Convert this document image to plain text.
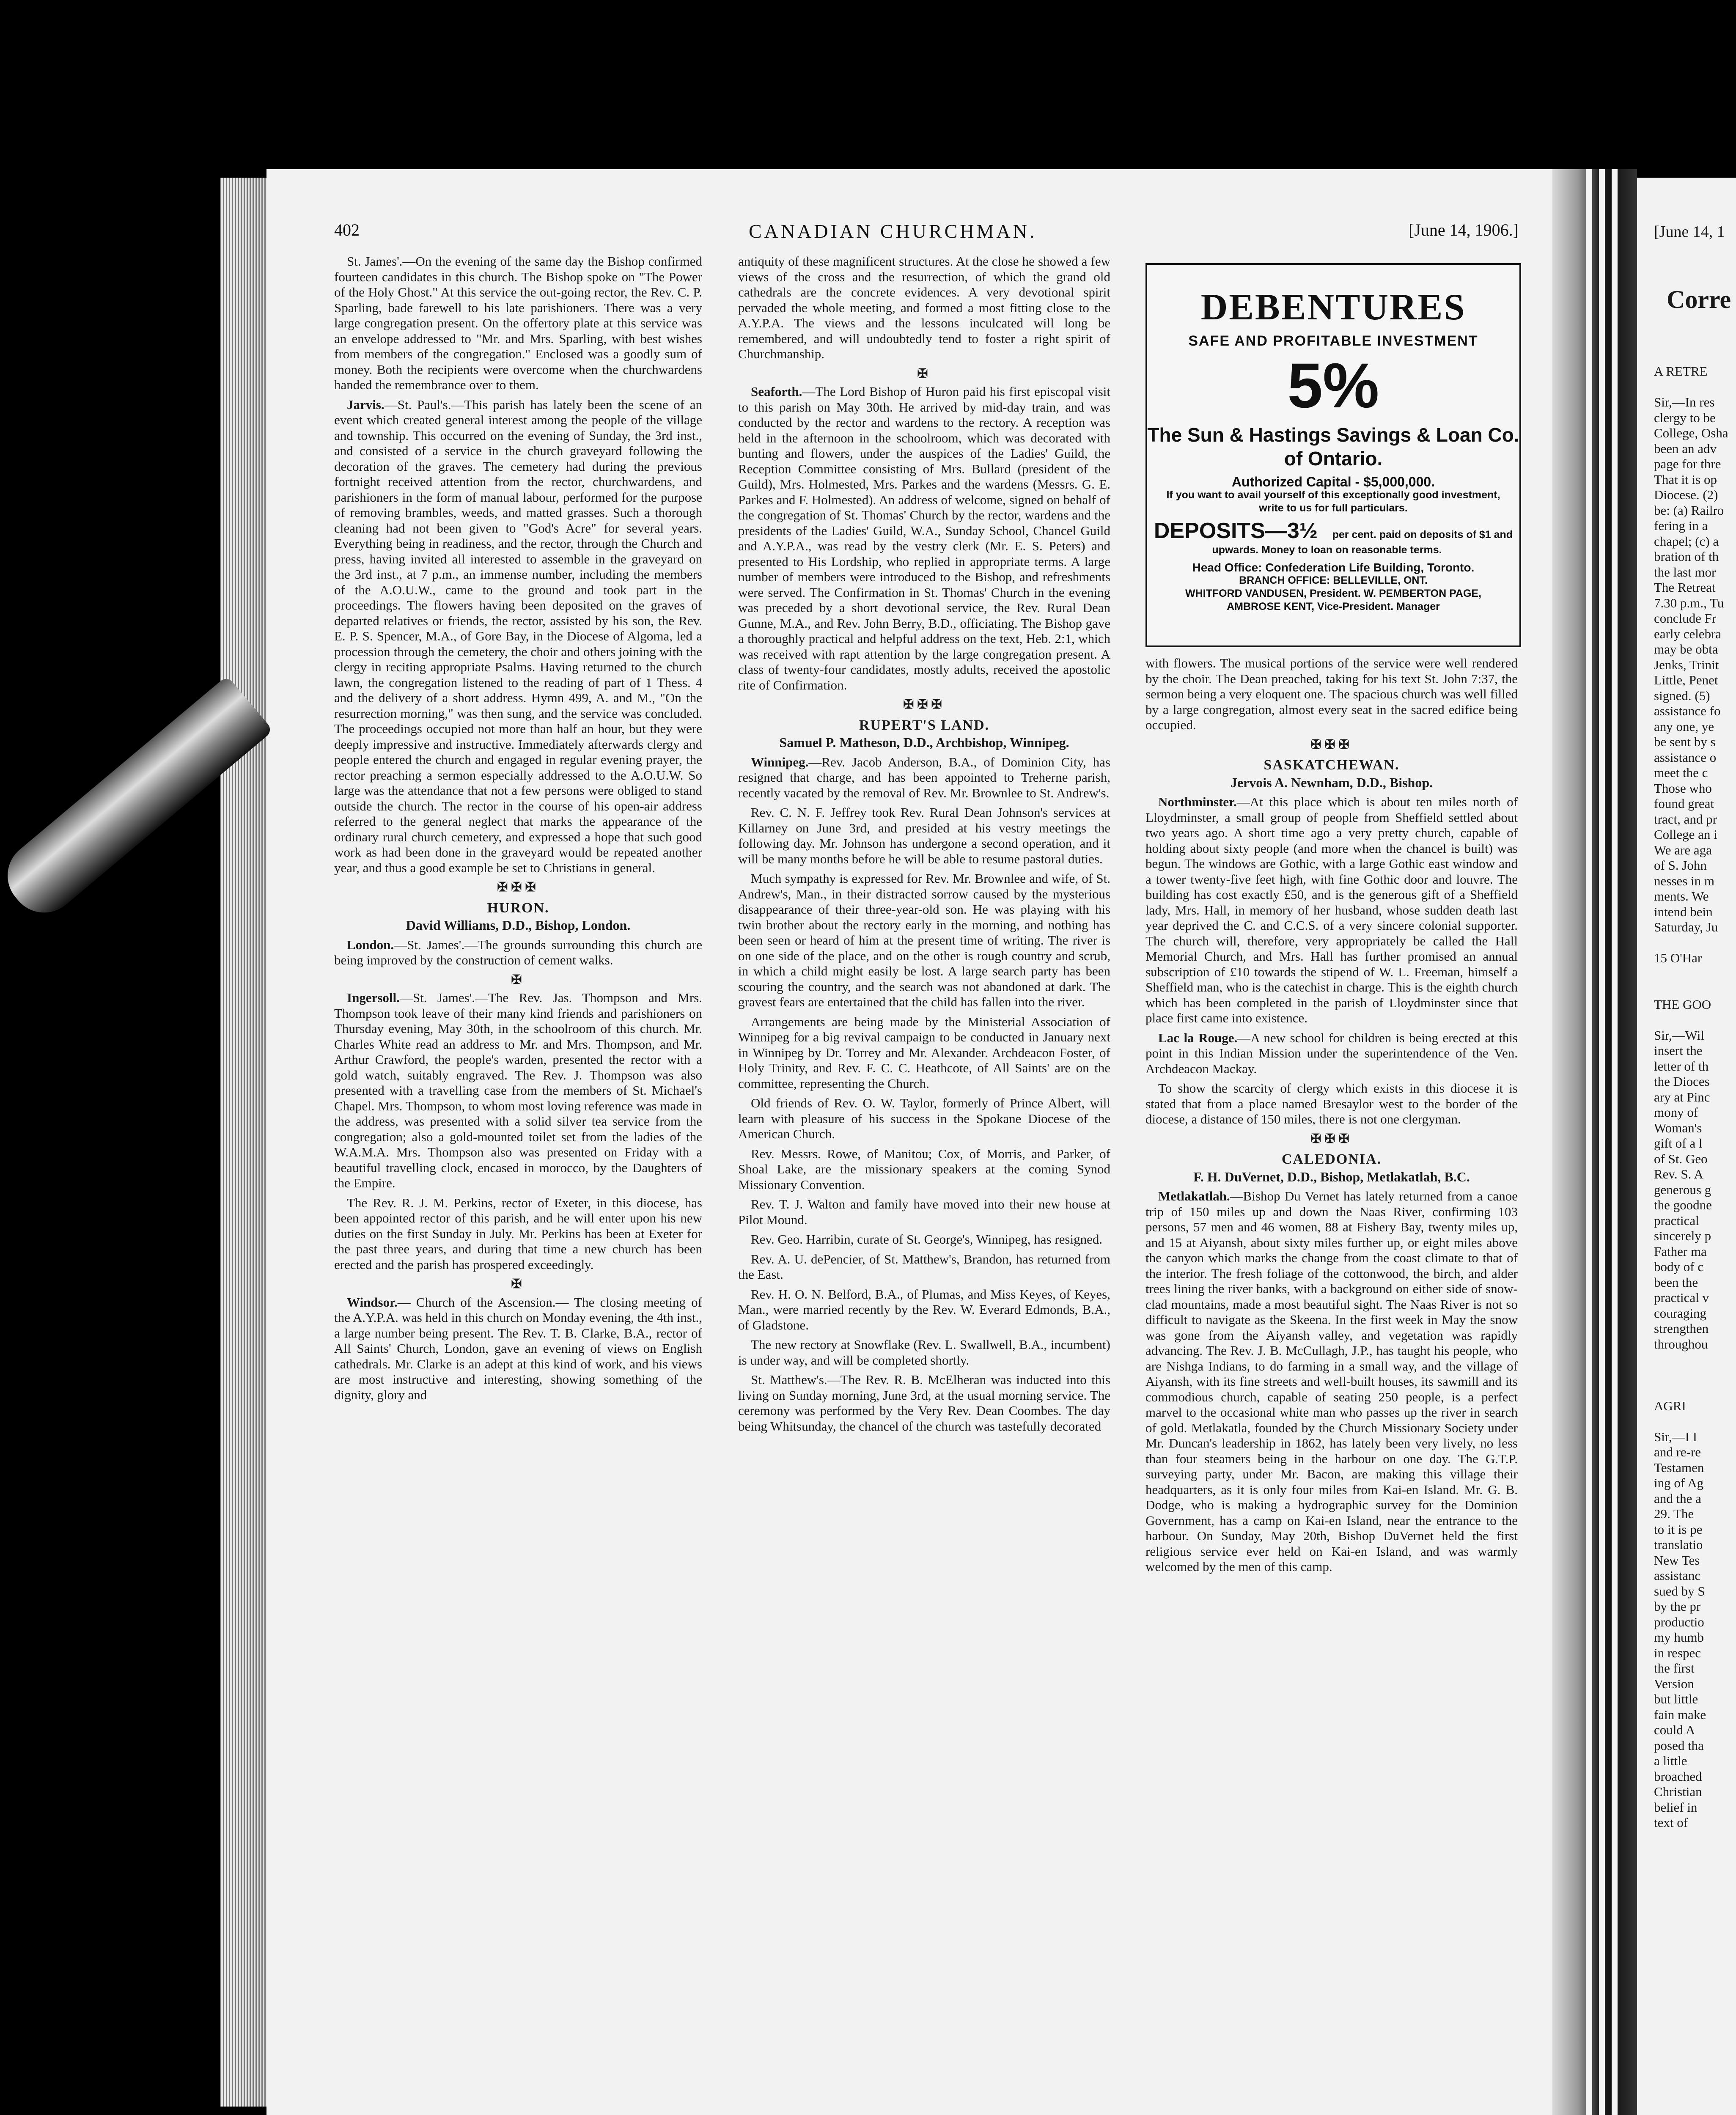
[June 14, 1
Corre
A RETRE
Sir,—In res
clergy to be
College, Osha
been an adv
page for thre
That it is op
Diocese. (2)
be: (a) Railro
fering in a
chapel; (c) a
bration of th
the last mor
The Retreat
7.30 p.m., Tu
conclude Fr
early celebra
may be obta
Jenks, Trinit
Little, Penet
signed. (5)
assistance fo
any one, ye
be sent by s
assistance o
meet the c
Those who
found great
tract, and pr
College an i
We are aga
of S. John
nesses in m
ments. We
intend bein
Saturday, Ju
15 O'Har
THE GOO
Sir,—Wil
insert the
letter of th
the Dioces
ary at Pinc
mony of
Woman's
gift of a l
of St. Geo
Rev. S. A
generous g
the goodne
practical
sincerely p
Father ma
body of c
been the
practical v
couraging
strengthen
throughou
AGRI
Sir,—I I
and re-re
Testamen
ing of Ag
and the a
29. The
to it is pe
translatio
New Tes
assistanc
sued by S
by the pr
productio
my humb
in respec
the first
Version
but little
fain make
could A
posed tha
a little
broached
Christian
belief in
text of
402	CANADIAN CHURCHMAN.	[June 14, 1906.]

St. James'.—On the evening of the same day the Bishop confirmed fourteen candidates in this church. The Bishop spoke on "The Power of the Holy Ghost." At this service the out-going rector, the Rev. C. P. Sparling, bade farewell to his late parishioners. There was a very large congregation present. On the offertory plate at this service was an envelope addressed to "Mr. and Mrs. Sparling, with best wishes from members of the congregation." Enclosed was a goodly sum of money. Both the recipients were overcome when the churchwardens handed the remembrance over to them.

Jarvis.—St. Paul's.—This parish has lately been the scene of an event which created general interest among the people of the village and township. This occurred on the evening of Sunday, the 3rd inst., and consisted of a service in the church graveyard following the decoration of the graves. The cemetery had during the previous fortnight received attention from the rector, churchwardens, and parishioners in the form of manual labour, performed for the purpose of removing brambles, weeds, and matted grasses. Such a thorough cleaning had not been given to "God's Acre" for several years. Everything being in readiness, and the rector, through the Church and press, having invited all interested to assemble in the graveyard on the 3rd inst., at 7 p.m., an immense number, including the members of the A.O.U.W., came to the ground and took part in the proceedings. The flowers having been deposited on the graves of departed relatives or friends, the rector, assisted by his son, the Rev. E. P. S. Spencer, M.A., of Gore Bay, in the Diocese of Algoma, led a procession through the cemetery, the choir and others joining with the clergy in reciting appropriate Psalms. Having returned to the church lawn, the congregation listened to the reading of part of 1 Thess. 4 and the delivery of a short address. Hymn 499, A. and M., "On the resurrection morning," was then sung, and the service was concluded. The proceedings occupied not more than half an hour, but they were deeply impressive and instructive. Immediately afterwards clergy and people entered the church and engaged in regular evening prayer, the rector preaching a sermon especially addressed to the A.O.U.W. So large was the attendance that not a few persons were obliged to stand outside the church. The rector in the course of his open-air address referred to the general neglect that marks the appearance of the ordinary rural church cemetery, and expressed a hope that such good work as had been done in the graveyard would be repeated another year, and thus a good example be set to Christians in general.

✠✠✠
HURON.
David Williams, D.D., Bishop, London.

London.—St. James'.—The grounds surrounding this church are being improved by the construction of cement walks.

✠

Ingersoll.—St. James'.—The Rev. Jas. Thompson and Mrs. Thompson took leave of their many kind friends and parishioners on Thursday evening, May 30th, in the schoolroom of this church. Mr. Charles White read an address to Mr. and Mrs. Thompson, and Mr. Arthur Crawford, the people's warden, presented the rector with a gold watch, suitably engraved. The Rev. J. Thompson was also presented with a travelling case from the members of St. Michael's Chapel. Mrs. Thompson, to whom most loving reference was made in the address, was presented with a solid silver tea service from the congregation; also a gold-mounted toilet set from the ladies of the W.A.M.A. Mrs. Thompson also was presented on Friday with a beautiful travelling clock, encased in morocco, by the Daughters of the Empire.

The Rev. R. J. M. Perkins, rector of Exeter, in this diocese, has been appointed rector of this parish, and he will enter upon his new duties on the first Sunday in July. Mr. Perkins has been at Exeter for the past three years, and during that time a new church has been erected and the parish has prospered exceedingly.

✠

Windsor.— Church of the Ascension.— The closing meeting of the A.Y.P.A. was held in this church on Monday evening, the 4th inst., a large number being present. The Rev. T. B. Clarke, B.A., rector of All Saints' Church, London, gave an evening of views on English cathedrals. Mr. Clarke is an adept at this kind of work, and his views are most instructive and interesting, showing something of the dignity, glory and

antiquity of these magnificent structures. At the close he showed a few views of the cross and the resurrection, of which the grand old cathedrals are the concrete evidences. A very devotional spirit pervaded the whole meeting, and formed a most fitting close to the A.Y.P.A. The views and the lessons inculcated will long be remembered, and will undoubtedly tend to foster a right spirit of Churchmanship.

✠

Seaforth.—The Lord Bishop of Huron paid his first episcopal visit to this parish on May 30th. He arrived by mid-day train, and was conducted by the rector and wardens to the rectory. A reception was held in the afternoon in the schoolroom, which was decorated with bunting and flowers, under the auspices of the Ladies' Guild, the Reception Committee consisting of Mrs. Bullard (president of the Guild), Mrs. Holmested, Mrs. Parkes and the wardens (Messrs. G. E. Parkes and F. Holmested). An address of welcome, signed on behalf of the congregation of St. Thomas' Church by the rector, wardens and the presidents of the Ladies' Guild, W.A., Sunday School, Chancel Guild and A.Y.P.A., was read by the vestry clerk (Mr. E. S. Peters) and presented to His Lordship, who replied in appropriate terms. A large number of members were introduced to the Bishop, and refreshments were served. The Confirmation in St. Thomas' Church in the evening was preceded by a short devotional service, the Rev. Rural Dean Gunne, M.A., and Rev. John Berry, B.D., officiating. The Bishop gave a thoroughly practical and helpful address on the text, Heb. 2:1, which was received with rapt attention by the large congregation present. A class of twenty-four candidates, mostly adults, received the apostolic rite of Confirmation.

✠✠✠
RUPERT'S LAND.
Samuel P. Matheson, D.D., Archbishop, Winnipeg.

Winnipeg.—Rev. Jacob Anderson, B.A., of Dominion City, has resigned that charge, and has been appointed to Treherne parish, recently vacated by the removal of Rev. Mr. Brownlee to St. Andrew's.

Rev. C. N. F. Jeffrey took Rev. Rural Dean Johnson's services at Killarney on June 3rd, and presided at his vestry meetings the following day. Mr. Johnson has undergone a second operation, and it will be many months before he will be able to resume pastoral duties.

Much sympathy is expressed for Rev. Mr. Brownlee and wife, of St. Andrew's, Man., in their distracted sorrow caused by the mysterious disappearance of their three-year-old son. He was playing with his twin brother about the rectory early in the morning, and nothing has been seen or heard of him at the present time of writing. The river is on one side of the place, and on the other is rough country and scrub, in which a child might easily be lost. A large search party has been scouring the country, and the search was not abandoned at dark. The gravest fears are entertained that the child has fallen into the river.

Arrangements are being made by the Ministerial Association of Winnipeg for a big revival campaign to be conducted in January next in Winnipeg by Dr. Torrey and Mr. Alexander. Archdeacon Foster, of Holy Trinity, and Rev. F. C. C. Heathcote, of All Saints' are on the committee, representing the Church.

Old friends of Rev. O. W. Taylor, formerly of Prince Albert, will learn with pleasure of his success in the Spokane Diocese of the American Church.

Rev. Messrs. Rowe, of Manitou; Cox, of Morris, and Parker, of Shoal Lake, are the missionary speakers at the coming Synod Missionary Convention.

Rev. T. J. Walton and family have moved into their new house at Pilot Mound.

Rev. Geo. Harribin, curate of St. George's, Winnipeg, has resigned.

Rev. A. U. dePencier, of St. Matthew's, Brandon, has returned from the East.

Rev. H. O. N. Belford, B.A., of Plumas, and Miss Keyes, of Keyes, Man., were married recently by the Rev. W. Everard Edmonds, B.A., of Gladstone.

The new rectory at Snowflake (Rev. L. Swallwell, B.A., incumbent) is under way, and will be completed shortly.

St. Matthew's.—The Rev. R. B. McElheran was inducted into this living on Sunday morning, June 3rd, at the usual morning service. The ceremony was performed by the Very Rev. Dean Coombes. The day being Whitsunday, the chancel of the church was tastefully decorated

DEBENTURES
SAFE AND PROFITABLE INVESTMENT
5%
The Sun & Hastings Savings & Loan Co. of Ontario.
Authorized Capital - $5,000,000.
If you want to avail yourself of this exceptionally good investment, write to us for full particulars.
DEPOSITS—3½ per cent. paid on deposits of $1 and upwards. Money to loan on reasonable terms.
Head Office: Confederation Life Building, Toronto.
BRANCH OFFICE: BELLEVILLE, ONT.
WHITFORD VANDUSEN, President. W. PEMBERTON PAGE, AMBROSE KENT, Vice-President. Manager

with flowers. The musical portions of the service were well rendered by the choir. The Dean preached, taking for his text St. John 7:37, the sermon being a very eloquent one. The spacious church was well filled by a large congregation, almost every seat in the sacred edifice being occupied.

✠✠✠
SASKATCHEWAN.
Jervois A. Newnham, D.D., Bishop.

Northminster.—At this place which is about ten miles north of Lloydminster, a small group of people from Sheffield settled about two years ago. A short time ago a very pretty church, capable of holding about sixty people (and more when the chancel is built) was begun. The windows are Gothic, with a large Gothic east window and a tower twenty-five feet high, with fine Gothic door and louvre. The building has cost exactly £50, and is the generous gift of a Sheffield lady, Mrs. Hall, in memory of her husband, whose sudden death last year deprived the C. and C.C.S. of a very sincere colonial supporter. The church will, therefore, very appropriately be called the Hall Memorial Church, and Mrs. Hall has further promised an annual subscription of £10 towards the stipend of W. L. Freeman, himself a Sheffield man, who is the catechist in charge. This is the eighth church which has been completed in the parish of Lloydminster since that place first came into existence.

Lac la Rouge.—A new school for children is being erected at this point in this Indian Mission under the superintendence of the Ven. Archdeacon Mackay.

To show the scarcity of clergy which exists in this diocese it is stated that from a place named Bresaylor west to the border of the diocese, a distance of 150 miles, there is not one clergyman.

✠✠✠
CALEDONIA.
F. H. DuVernet, D.D., Bishop, Metlakatlah, B.C.

Metlakatlah.—Bishop Du Vernet has lately returned from a canoe trip of 150 miles up and down the Naas River, confirming 103 persons, 57 men and 46 women, 88 at Fishery Bay, twenty miles up, and 15 at Aiyansh, about sixty miles further up, or eight miles above the canyon which marks the change from the coast climate to that of the interior. The fresh foliage of the cottonwood, the birch, and alder trees lining the river banks, with a background on either side of snow-clad mountains, made a most beautiful sight. The Naas River is not so difficult to navigate as the Skeena. In the first week in May the snow was gone from the Aiyansh valley, and vegetation was rapidly advancing. The Rev. J. B. McCullagh, J.P., has taught his people, who are Nishga Indians, to do farming in a small way, and the village of Aiyansh, with its fine streets and well-built houses, its sawmill and its commodious church, capable of seating 250 people, is a perfect marvel to the occasional white man who passes up the river in search of gold. Metlakatla, founded by the Church Missionary Society under Mr. Duncan's leadership in 1862, has lately been very lively, no less than four steamers being in the harbour on one day. The G.T.P. surveying party, under Mr. Bacon, are making this village their headquarters, as it is only four miles from Kai-en Island. Mr. G. B. Dodge, who is making a hydrographic survey for the Dominion Government, has a camp on Kai-en Island, near the entrance to the harbour. On Sunday, May 20th, Bishop DuVernet held the first religious service ever held on Kai-en Island, and was warmly welcomed by the men of this camp.
